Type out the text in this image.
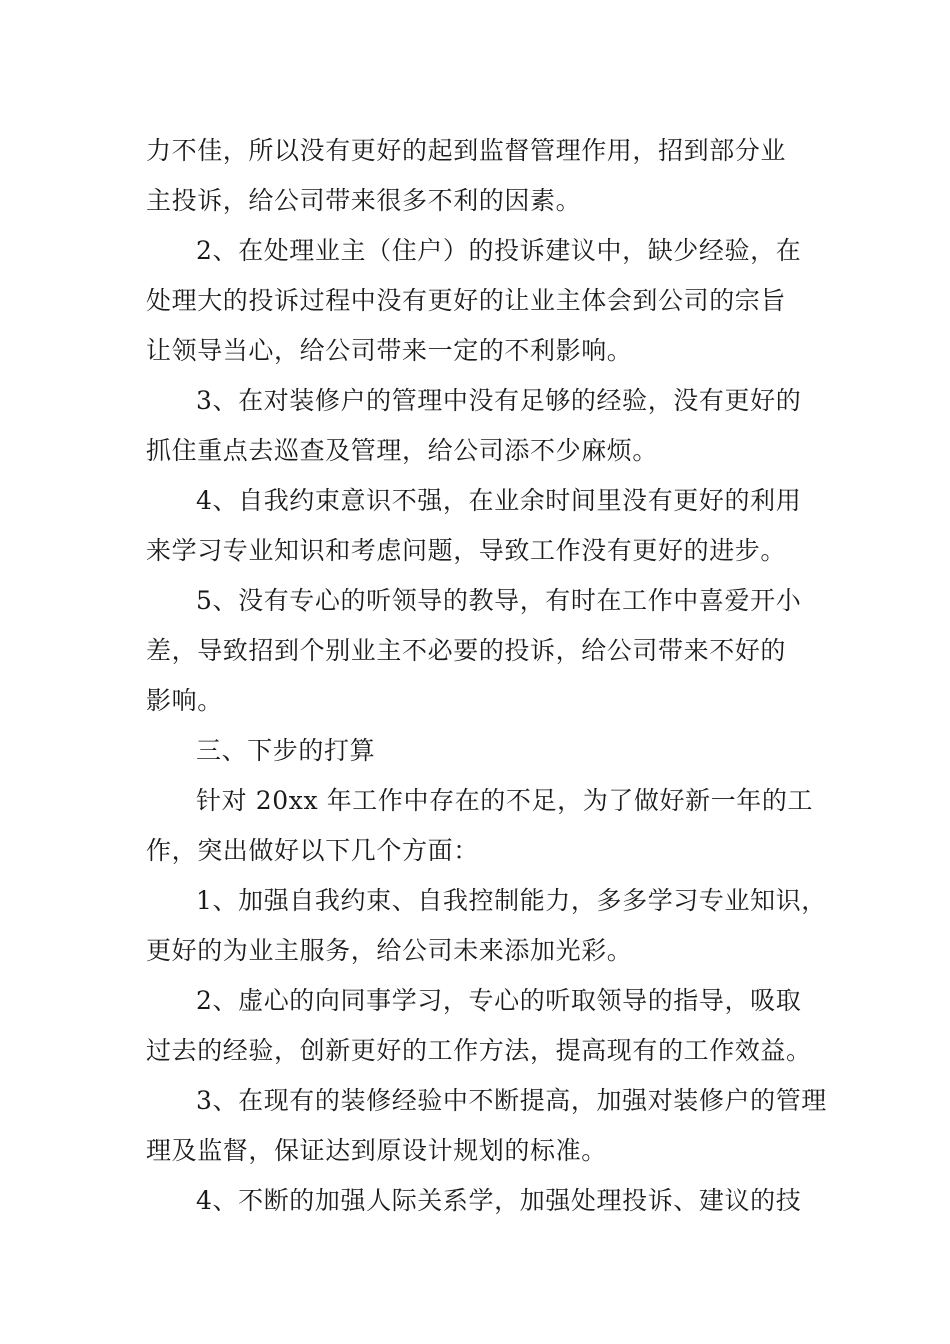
力不佳，所以没有更好的起到监督管理作用，招到部分业
主投诉，给公司带来很多不利的因素。
2、在处理业主（住户）的投诉建议中，缺少经验，在
处理大的投诉过程中没有更好的让业主体会到公司的宗旨
让领导当心，给公司带来一定的不利影响。
3、在对装修户的管理中没有足够的经验，没有更好的
抓住重点去巡查及管理，给公司添不少麻烦。
4、自我约束意识不强，在业余时间里没有更好的利用
来学习专业知识和考虑问题，导致工作没有更好的进步。
5、没有专心的听领导的教导，有时在工作中喜爱开小
差，导致招到个别业主不必要的投诉，给公司带来不好的
影响。
三、下步的打算
针对 20xx 年工作中存在的不足，为了做好新一年的工
作，突出做好以下几个方面：
1、加强自我约束、自我控制能力，多多学习专业知识，
更好的为业主服务，给公司未来添加光彩。
2、虚心的向同事学习，专心的听取领导的指导，吸取
过去的经验，创新更好的工作方法，提高现有的工作效益。
3、在现有的装修经验中不断提高，加强对装修户的管理
理及监督，保证达到原设计规划的标准。
4、不断的加强人际关系学，加强处理投诉、建议的技
